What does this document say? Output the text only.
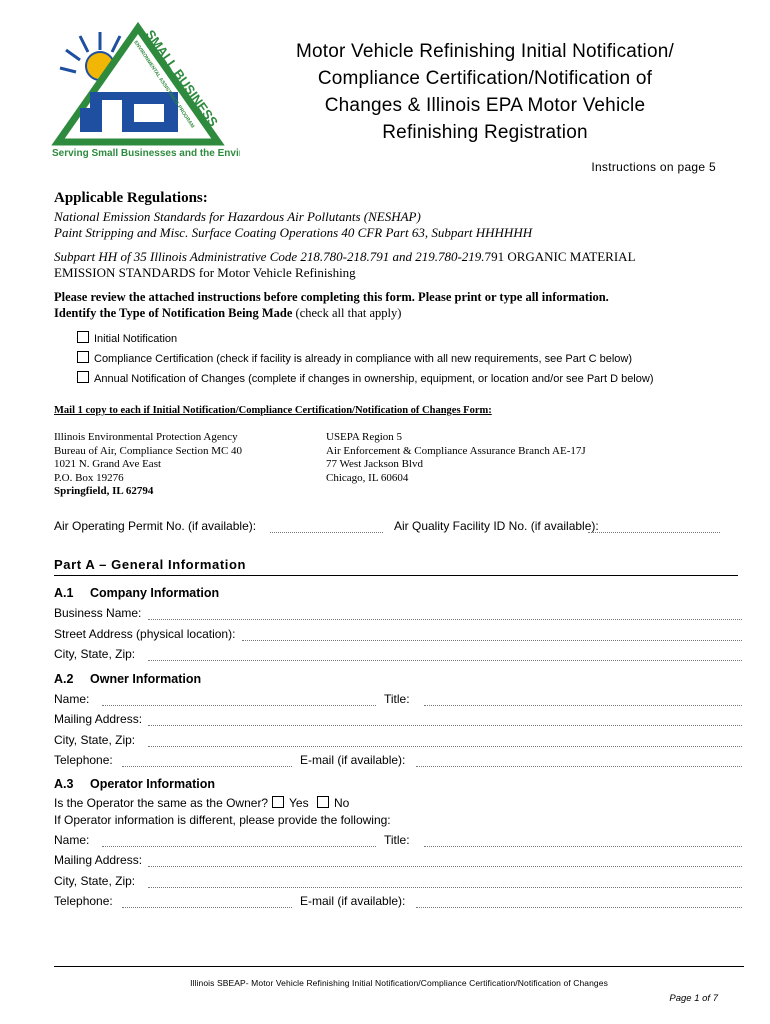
SMALL BUSINESS
ENVIRONMENTAL ASSISTANCE PROGRAM
Serving Small Businesses and the Envi
Motor Vehicle Refinishing Initial Notification/
Compliance Certification/Notification of
Changes & Illinois EPA Motor Vehicle
Refinishing Registration
Instructions on page 5
Applicable Regulations:
National Emission Standards for Hazardous Air Pollutants (NESHAP)
Paint Stripping and Misc. Surface Coating Operations 40 CFR Part 63, Subpart HHHHHH
Subpart HH of 35 Illinois Administrative Code 218.780-218.791 and 219.780-219.791 ORGANIC MATERIAL
EMISSION STANDARDS for Motor Vehicle Refinishing
Please review the attached instructions before completing this form. Please print or type all information.
Identify the Type of Notification Being Made (check all that apply)
Initial Notification
Compliance Certification (check if facility is already in compliance with all new requirements, see Part C below)
Annual Notification of Changes (complete if changes in ownership, equipment, or location and/or see Part D below)
Mail 1 copy to each if Initial Notification/Compliance Certification/Notification of Changes Form:
Illinois Environmental Protection Agency
Bureau of Air, Compliance Section MC 40
1021 N. Grand Ave East
P.O. Box 19276
Springfield, IL 62794
USEPA Region 5
Air Enforcement & Compliance Assurance Branch AE-17J
77 West Jackson Blvd
Chicago, IL 60604
Air Operating Permit No. (if available):	Air Quality Facility ID No. (if available):
Part A – General Information
A.1 Company Information
Business Name:
Street Address (physical location):
City, State, Zip:
A.2 Owner Information
Name:	Title:
Mailing Address:
City, State, Zip:
Telephone:	E-mail (if available):
A.3 Operator Information
Is the Operator the same as the Owner?	Yes	No
If Operator information is different, please provide the following:
Name:	Title:
Mailing Address:
City, State, Zip:
Telephone:	E-mail (if available):
Illinois SBEAP- Motor Vehicle Refinishing Initial Notification/Compliance Certification/Notification of Changes
Page 1 of 7
